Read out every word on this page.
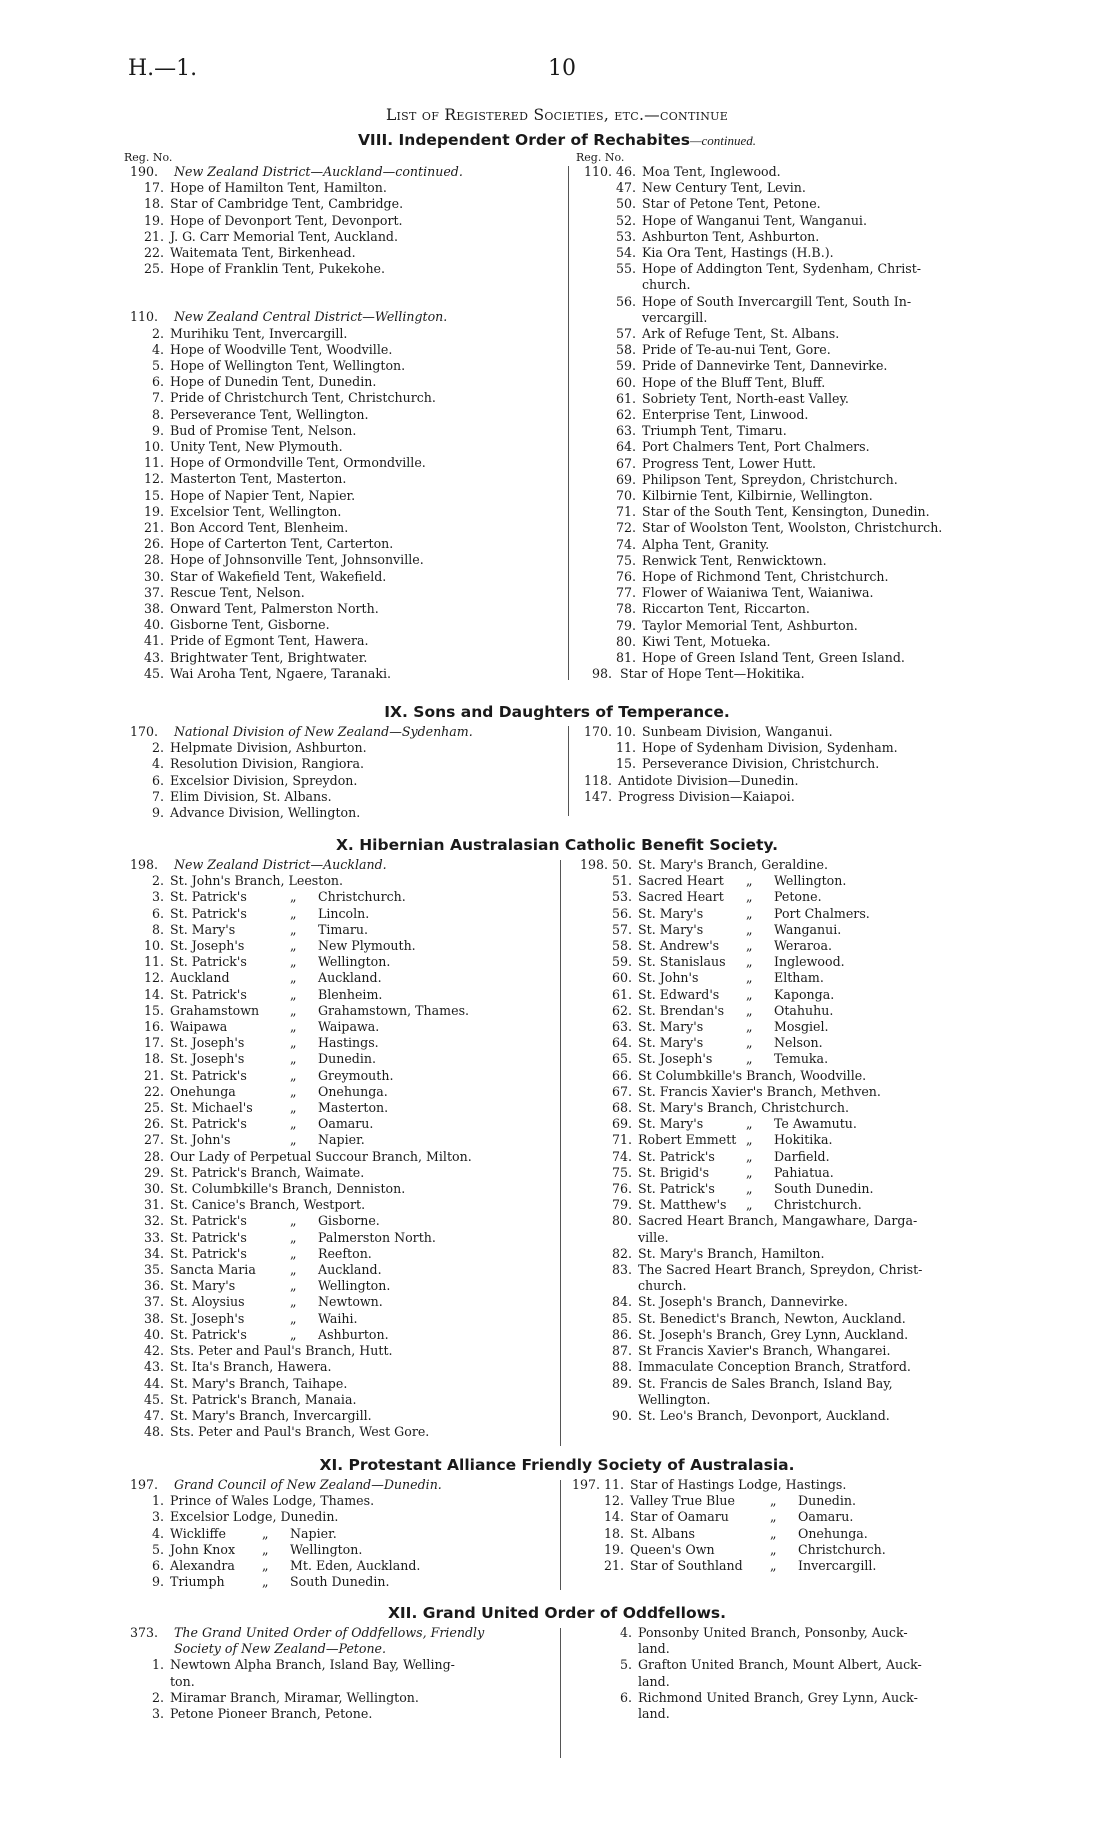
H.—1.	10
List of Registered Societies, etc.—continue
VIII. Independent Order of Rechabites—continued.
Reg. No.	Reg. No.
190.	New Zealand District—Auckland—continued.
17. Hope of Hamilton Tent, Hamilton.
18. Star of Cambridge Tent, Cambridge.
19. Hope of Devonport Tent, Devonport.
21. J. G. Carr Memorial Tent, Auckland.
22. Waitemata Tent, Birkenhead.
25. Hope of Franklin Tent, Pukekohe.
110.	New Zealand Central District—Wellington.
2. Murihiku Tent, Invercargill.
4. Hope of Woodville Tent, Woodville.
5. Hope of Wellington Tent, Wellington.
6. Hope of Dunedin Tent, Dunedin.
7. Pride of Christchurch Tent, Christchurch.
8. Perseverance Tent, Wellington.
9. Bud of Promise Tent, Nelson.
10. Unity Tent, New Plymouth.
11. Hope of Ormondville Tent, Ormondville.
12. Masterton Tent, Masterton.
15. Hope of Napier Tent, Napier.
19. Excelsior Tent, Wellington.
21. Bon Accord Tent, Blenheim.
26. Hope of Carterton Tent, Carterton.
28. Hope of Johnsonville Tent, Johnsonville.
30. Star of Wakefield Tent, Wakefield.
37. Rescue Tent, Nelson.
38. Onward Tent, Palmerston North.
40. Gisborne Tent, Gisborne.
41. Pride of Egmont Tent, Hawera.
43. Brightwater Tent, Brightwater.
45. Wai Aroha Tent, Ngaere, Taranaki.
110. 46. Moa Tent, Inglewood.
47. New Century Tent, Levin.
50. Star of Petone Tent, Petone.
52. Hope of Wanganui Tent, Wanganui.
53. Ashburton Tent, Ashburton.
54. Kia Ora Tent, Hastings (H.B.).
55. Hope of Addington Tent, Sydenham, Christ-
church.
56. Hope of South Invercargill Tent, South In-
vercargill.
57. Ark of Refuge Tent, St. Albans.
58. Pride of Te-au-nui Tent, Gore.
59. Pride of Dannevirke Tent, Dannevirke.
60. Hope of the Bluff Tent, Bluff.
61. Sobriety Tent, North-east Valley.
62. Enterprise Tent, Linwood.
63. Triumph Tent, Timaru.
64. Port Chalmers Tent, Port Chalmers.
67. Progress Tent, Lower Hutt.
69. Philipson Tent, Spreydon, Christchurch.
70. Kilbirnie Tent, Kilbirnie, Wellington.
71. Star of the South Tent, Kensington, Dunedin.
72. Star of Woolston Tent, Woolston, Christchurch.
74. Alpha Tent, Granity.
75. Renwick Tent, Renwicktown.
76. Hope of Richmond Tent, Christchurch.
77. Flower of Waianiwa Tent, Waianiwa.
78. Riccarton Tent, Riccarton.
79. Taylor Memorial Tent, Ashburton.
80. Kiwi Tent, Motueka.
81. Hope of Green Island Tent, Green Island.
98. Star of Hope Tent—Hokitika.
IX. Sons and Daughters of Temperance.
170.	National Division of New Zealand—Sydenham.
2. Helpmate Division, Ashburton.
4. Resolution Division, Rangiora.
6. Excelsior Division, Spreydon.
7. Elim Division, St. Albans.
9. Advance Division, Wellington.
170. 10. Sunbeam Division, Wanganui.
11. Hope of Sydenham Division, Sydenham.
15. Perseverance Division, Christchurch.
118. Antidote Division—Dunedin.
147. Progress Division—Kaiapoi.
X. Hibernian Australasian Catholic Benefit Society.
198.	New Zealand District—Auckland.
2. St. John's Branch, Leeston.
3. St. Patrick's	„	Christchurch.
6. St. Patrick's	„	Lincoln.
8. St. Mary's	„	Timaru.
10. St. Joseph's	„	New Plymouth.
11. St. Patrick's	„	Wellington.
12. Auckland	„	Auckland.
14. St. Patrick's	„	Blenheim.
15. Grahamstown	„	Grahamstown, Thames.
16. Waipawa	„	Waipawa.
17. St. Joseph's	„	Hastings.
18. St. Joseph's	„	Dunedin.
21. St. Patrick's	„	Greymouth.
22. Onehunga	„	Onehunga.
25. St. Michael's	„	Masterton.
26. St. Patrick's	„	Oamaru.
27. St. John's	„	Napier.
28. Our Lady of Perpetual Succour Branch, Milton.
29. St. Patrick's Branch, Waimate.
30. St. Columbkille's Branch, Denniston.
31. St. Canice's Branch, Westport.
32. St. Patrick's	„	Gisborne.
33. St. Patrick's	„	Palmerston North.
34. St. Patrick's	„	Reefton.
35. Sancta Maria	„	Auckland.
36. St. Mary's	„	Wellington.
37. St. Aloysius	„	Newtown.
38. St. Joseph's	„	Waihi.
40. St. Patrick's	„	Ashburton.
42. Sts. Peter and Paul's Branch, Hutt.
43. St. Ita's Branch, Hawera.
44. St. Mary's Branch, Taihape.
45. St. Patrick's Branch, Manaia.
47. St. Mary's Branch, Invercargill.
48. Sts. Peter and Paul's Branch, West Gore.
198. 50. St. Mary's Branch, Geraldine.
51. Sacred Heart	„	Wellington.
53. Sacred Heart	„	Petone.
56. St. Mary's	„	Port Chalmers.
57. St. Mary's	„	Wanganui.
58. St. Andrew's	„	Weraroa.
59. St. Stanislaus	„	Inglewood.
60. St. John's	„	Eltham.
61. St. Edward's	„	Kaponga.
62. St. Brendan's	„	Otahuhu.
63. St. Mary's	„	Mosgiel.
64. St. Mary's	„	Nelson.
65. St. Joseph's	„	Temuka.
66. St Columbkille's Branch, Woodville.
67. St. Francis Xavier's Branch, Methven.
68. St. Mary's Branch, Christchurch.
69. St. Mary's	„	Te Awamutu.
71. Robert Emmett „	Hokitika.
74. St. Patrick's	„	Darfield.
75. St. Brigid's	„	Pahiatua.
76. St. Patrick's	„	South Dunedin.
79. St. Matthew's	„	Christchurch.
80. Sacred Heart Branch, Mangawhare, Darga-
ville.
82. St. Mary's Branch, Hamilton.
83. The Sacred Heart Branch, Spreydon, Christ-
church.
84. St. Joseph's Branch, Dannevirke.
85. St. Benedict's Branch, Newton, Auckland.
86. St. Joseph's Branch, Grey Lynn, Auckland.
87. St Francis Xavier's Branch, Whangarei.
88. Immaculate Conception Branch, Stratford.
89. St. Francis de Sales Branch, Island Bay,
Wellington.
90. St. Leo's Branch, Devonport, Auckland.
XI. Protestant Alliance Friendly Society of Australasia.
197.	Grand Council of New Zealand—Dunedin.
1. Prince of Wales Lodge, Thames.
3. Excelsior Lodge, Dunedin.
4. Wickliffe	„	Napier.
5. John Knox	„	Wellington.
6. Alexandra	„	Mt. Eden, Auckland.
9. Triumph	„	South Dunedin.
197. 11. Star of Hastings Lodge, Hastings.
12. Valley True Blue	„	Dunedin.
14. Star of Oamaru	„	Oamaru.
18. St. Albans	„	Onehunga.
19. Queen's Own	„	Christchurch.
21. Star of Southland	„	Invercargill.
XII. Grand United Order of Oddfellows.
373.	The Grand United Order of Oddfellows, Friendly
Society of New Zealand—Petone.
1. Newtown Alpha Branch, Island Bay, Welling-
ton.
2. Miramar Branch, Miramar, Wellington.
3. Petone Pioneer Branch, Petone.
4. Ponsonby United Branch, Ponsonby, Auck-
land.
5. Grafton United Branch, Mount Albert, Auck-
land.
6. Richmond United Branch, Grey Lynn, Auck-
land.
